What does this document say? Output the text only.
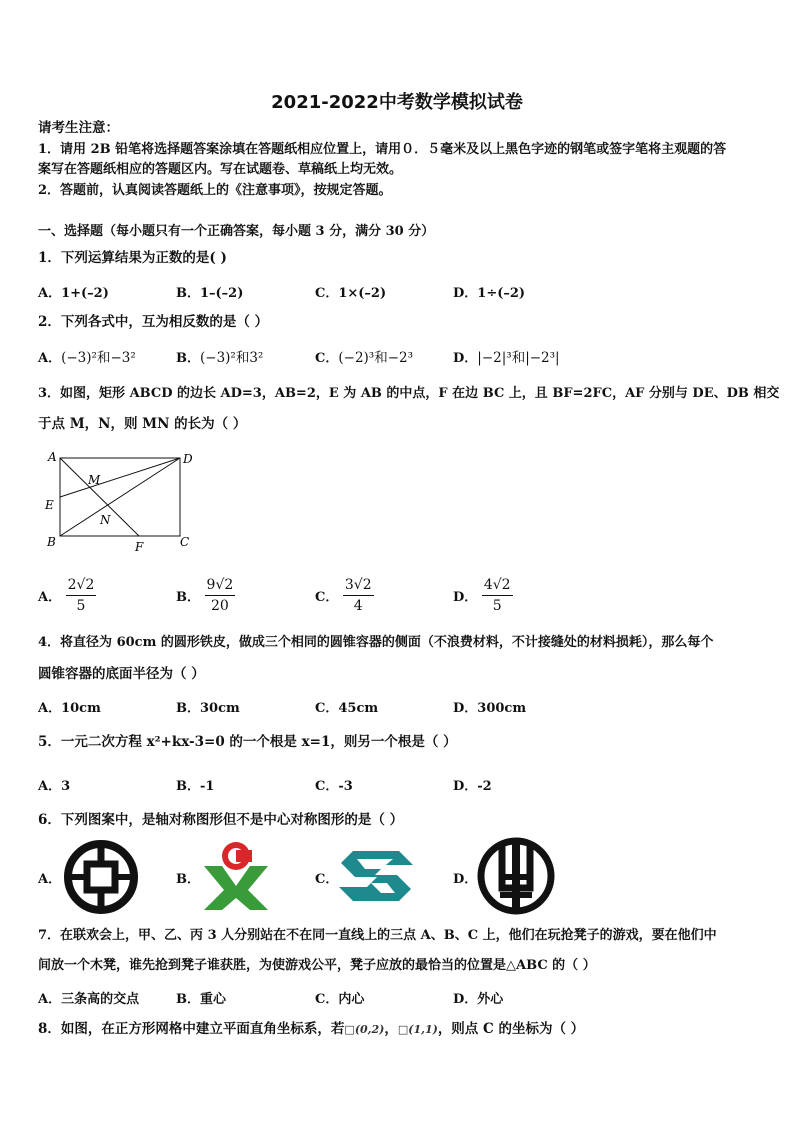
2021-2022中考数学模拟试卷
请考生注意：
1．请用 2B 铅笔将选择题答案涂填在答题纸相应位置上，请用０．５毫米及以上黑色字迹的钢笔或签字笔将主观题的答
案写在答题纸相应的答题区内。写在试题卷、草稿纸上均无效。
2．答题前，认真阅读答题纸上的《注意事项》，按规定答题。
一、选择题（每小题只有一个正确答案，每小题 3 分，满分 30 分）
1．下列运算结果为正数的是( )
A．1+(–2)	B．1–(–2)	C．1×(–2)	D．1÷(–2)
2．下列各式中，互为相反数的是（ ）
A．(−3)²和−3²	B．(−3)²和3²	C．(−2)³和−2³	D．|−2|³和|−2³|
3．如图，矩形 ABCD 的边长 AD=3，AB=2，E 为 AB 的中点，F 在边 BC 上，且 BF=2FC，AF 分别与 DE、DB 相交
于点 M，N，则 MN 的长为（ ）
A	D
E
B	C
F
M
N
A． $\frac{2√2}{5}$	B． $\frac{9√2}{20}$	C． $\frac{3√2}{4}$	D． $\frac{4√2}{5}$
4．将直径为 60cm 的圆形铁皮，做成三个相同的圆锥容器的侧面（不浪费材料，不计接缝处的材料损耗），那么每个
圆锥容器的底面半径为（ ）
A．10cm	B．30cm	C．45cm	D．300cm
5．一元二次方程 x²+kx-3=0 的一个根是 x=1，则另一个根是（ ）
A．3	B．-1	C．-3	D．-2
6．下列图案中，是轴对称图形但不是中心对称图形的是（ ）
A．	B．	C．	D．
7．在联欢会上，甲、乙、丙 3 人分别站在不在同一直线上的三点 A、B、C 上，他们在玩抢凳子的游戏，要在他们中
间放一个木凳，谁先抢到凳子谁获胜，为使游戏公平，凳子应放的最恰当的位置是△ABC 的（ ）
A．三条高的交点	B．重心	C．内心	D．外心
8．如图，在正方形网格中建立平面直角坐标系，若□(0,2)，□(1,1)，则点 C 的坐标为（ ）
